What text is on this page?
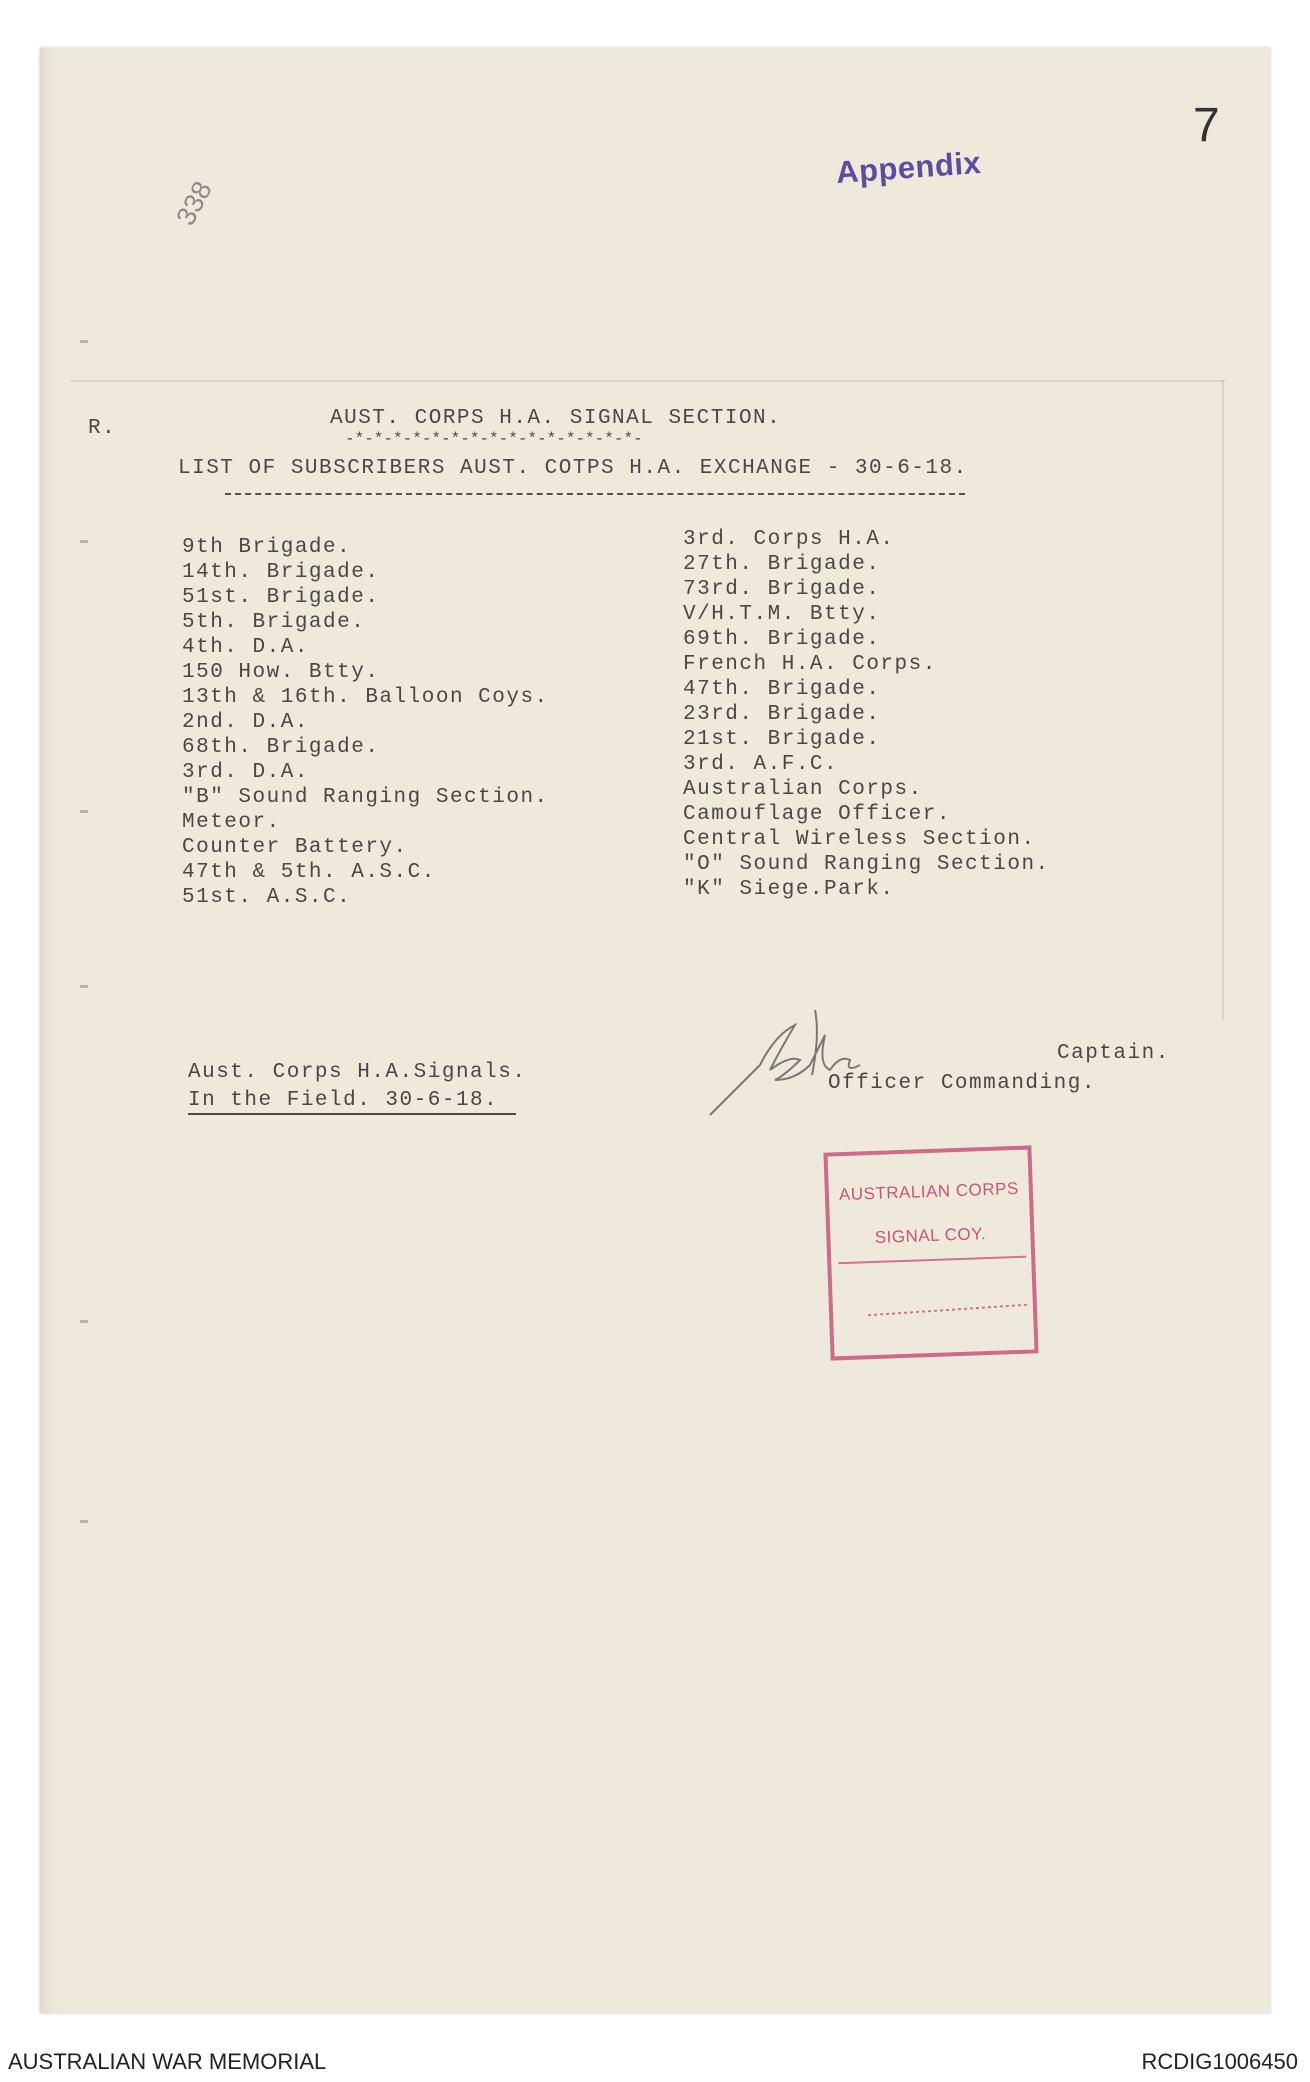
7
Appendix
338
R.	AUST. CORPS H.A. SIGNAL SECTION.
-*-*-*-*-*-*-*-*-*-*-*-*-*-*-*-
LIST OF SUBSCRIBERS AUST. COTPS H.A. EXCHANGE - 30-6-18.
9th Brigade.
14th. Brigade.
51st. Brigade.
5th. Brigade.
4th. D.A.
150 How. Btty.
13th & 16th. Balloon Coys.
2nd. D.A.
68th. Brigade.
3rd. D.A.
"B" Sound Ranging Section.
Meteor.
Counter Battery.
47th & 5th. A.S.C.
51st. A.S.C.
3rd. Corps H.A.
27th. Brigade.
73rd. Brigade.
V/H.T.M. Btty.
69th. Brigade.
French H.A. Corps.
47th. Brigade.
23rd. Brigade.
21st. Brigade.
3rd. A.F.C.
Australian Corps.
Camouflage Officer.
Central Wireless Section.
"O" Sound Ranging Section.
"K" Siege.Park.
Aust. Corps H.A.Signals.
In the Field. 30-6-18.
Captain.
Officer Commanding.
AUSTRALIAN CORPS
SIGNAL COY.
AUSTRALIAN WAR MEMORIAL	RCDIG1006450
